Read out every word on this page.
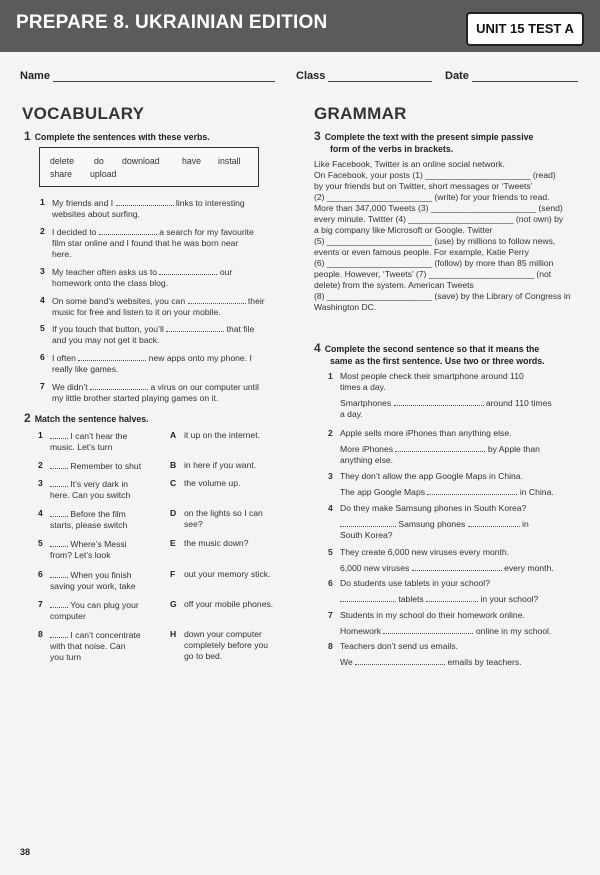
PREPARE 8. UKRAINIAN EDITION	UNIT 15 TEST A
Name	Class	Date
VOCABULARY
1 Complete the sentences with these verbs.
delete do download	have install
share upload
1 My friends and I	links to interesting
websites about surfing.
2 I decided to	a search for my favourite
film star online and I found that he was born near
here.
3 My teacher often asks us to	our
homework onto the class blog.
4 On some band’s websites, you can	their
music for free and listen to it on your mobile.
5 If you touch that button, you’ll	that file
and you may not get it back.
6 I often	new apps onto my phone. I
really like games.
7 We didn’t	a virus on our computer until
my little brother started playing games on it.
2 Match the sentence halves.
1	I can’t hear the
music. Let’s turn
2	Remember to shut
3	It’s very dark in
here. Can you switch
4	Before the film
starts, please switch
5	Where’s Messi
from? Let’s look
6	When you finish
saving your work, take
7	You can plug your
computer
8	I can’t concentrate
with that noise. Can
you turn
A it up on the internet.
B in here if you want.
C the volume up.
D on the lights so I can
see?
E the music down?
F out your memory stick.
G off your mobile phones.
H down your computer
completely before you
go to bed.
GRAMMAR
3 Complete the text with the present simple passive
form of the verbs in brackets.
Like Facebook, Twitter is an online social network.
On Facebook, your posts (1) ______________________ (read)
by your friends but on Twitter, short messages or ‘Tweets’
(2) ______________________ (write) for your friends to read.
More than 347,000 Tweets (3) ______________________ (send)
every minute. Twitter (4) ______________________ (not own) by
a big company like Microsoft or Google. Twitter
(5) ______________________ (use) by millions to follow news,
events or even famous people. For example, Katie Perry
(6) ______________________ (follow) by more than 85 million
people. However, ‘Tweets’ (7) ______________________ (not
delete) from the system. American Tweets
(8) ______________________ (save) by the Library of Congress in
Washington DC.
4 Complete the second sentence so that it means the
same as the first sentence. Use two or three words.
1 Most people check their smartphone around 110
times a day.
Smartphones	around 110 times
a day.
2 Apple sells more iPhones than anything else.
More iPhones	by Apple than
anything else.
3 They don’t allow the app Google Maps in China.
The app Google Maps	in China.
4 Do they make Samsung phones in South Korea?
Samsung phones	in
South Korea?
5 They create 6,000 new viruses every month.
6,000 new viruses	every month.
6 Do students use tablets in your school?
tablets	in your school?
7 Students in my school do their homework online.
Homework	online in my school.
8 Teachers don’t send us emails.
We	emails by teachers.
38
